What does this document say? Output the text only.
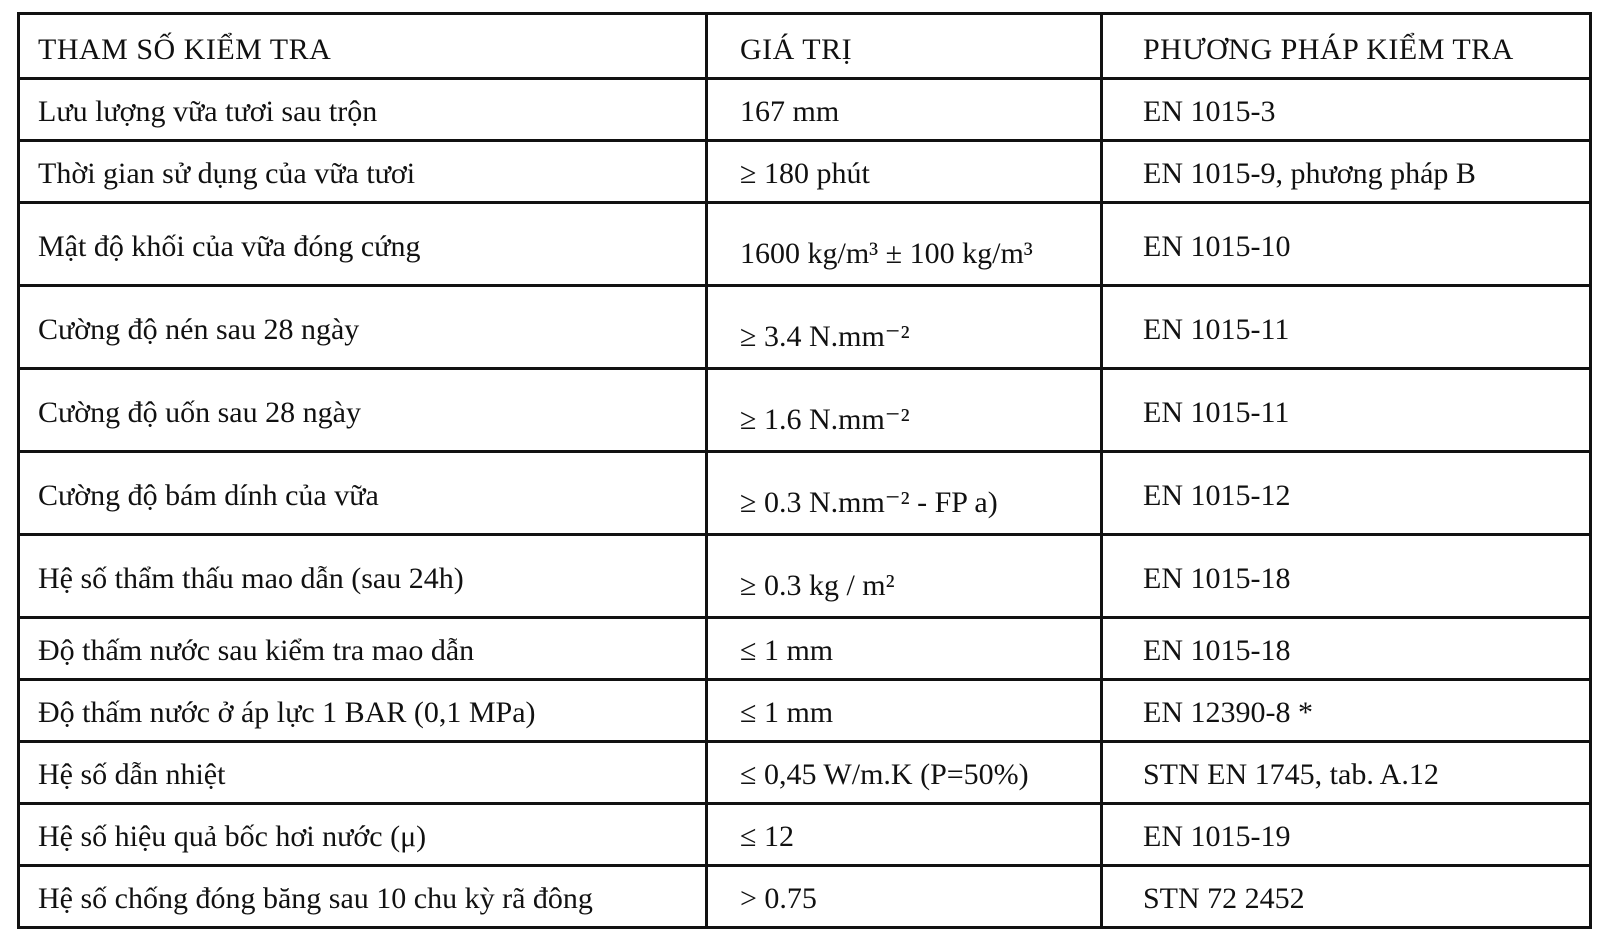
THAM SỐ KIỂM TRA	GIÁ TRỊ	PHƯƠNG PHÁP KIỂM TRA
Lưu lượng vữa tươi sau trộn	167 mm	EN 1015-3
Thời gian sử dụng của vữa tươi	≥ 180 phút	EN 1015-9, phương pháp B
Mật độ khối của vữa đóng cứng	1600 kg/m³ ± 100 kg/m³	EN 1015-10
Cường độ nén sau 28 ngày	≥ 3.4 N.mm⁻²	EN 1015-11
Cường độ uốn sau 28 ngày	≥ 1.6 N.mm⁻²	EN 1015-11
Cường độ bám dính của vữa	≥ 0.3 N.mm⁻² - FP a)	EN 1015-12
Hệ số thẩm thấu mao dẫn (sau 24h)	≥ 0.3 kg / m²	EN 1015-18
Độ thấm nước sau kiểm tra mao dẫn	≤ 1 mm	EN 1015-18
Độ thấm nước ở áp lực 1 BAR (0,1 MPa)	≤ 1 mm	EN 12390-8 *
Hệ số dẫn nhiệt	≤ 0,45 W/m.K (P=50%)	STN EN 1745, tab. A.12
Hệ số hiệu quả bốc hơi nước (μ)	≤ 12	EN 1015-19
Hệ số chống đóng băng sau 10 chu kỳ rã đông	> 0.75	STN 72 2452
